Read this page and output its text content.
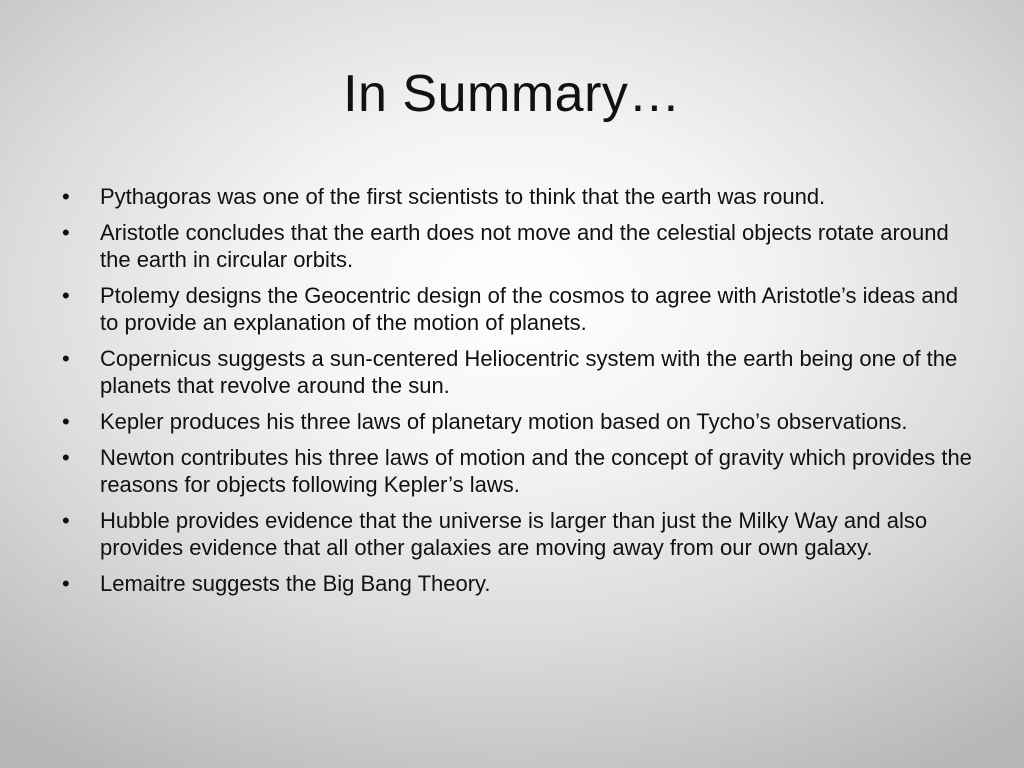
In Summary…
•	Pythagoras was one of the first scientists to think that the earth was round.
•	Aristotle concludes that the earth does not move and the celestial objects rotate around the earth in circular orbits.
•	Ptolemy designs the Geocentric design of the cosmos to agree with Aristotle’s ideas and to provide an explanation of the motion of planets.
•	Copernicus suggests a sun-centered Heliocentric system with the earth being one of the planets that revolve around the sun.
•	Kepler produces his three laws of planetary motion based on Tycho’s observations.
•	Newton contributes his three laws of motion and the concept of gravity which provides the reasons for objects following Kepler’s laws.
•	Hubble provides evidence that the universe is larger than just the Milky Way and also provides evidence that all other galaxies are moving away from our own galaxy.
•	Lemaitre suggests the Big Bang Theory.
